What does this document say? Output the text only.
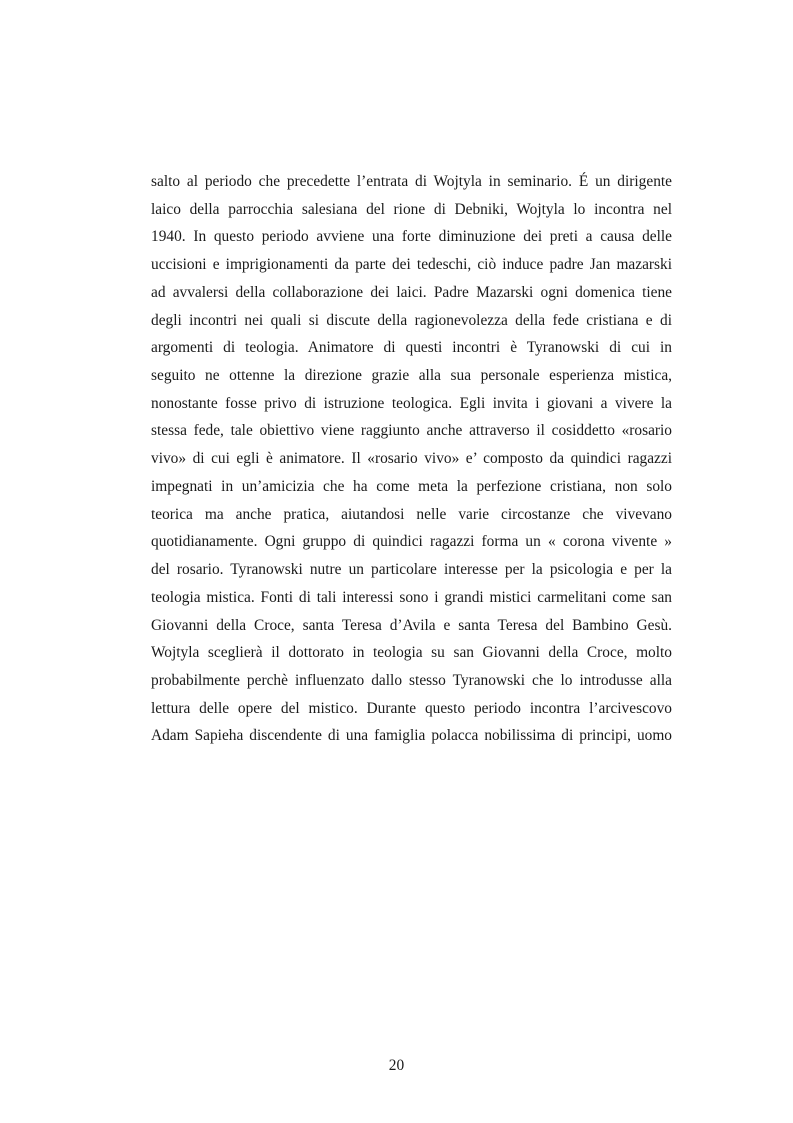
salto al periodo che precedette l’entrata di Wojtyla in seminario. É un dirigente
laico della parrocchia salesiana del rione di Debniki, Wojtyla lo incontra nel
1940. In questo periodo avviene una forte diminuzione dei preti a causa delle
uccisioni e imprigionamenti da parte dei tedeschi, ciò induce padre Jan mazarski
ad avvalersi della collaborazione dei laici. Padre Mazarski ogni domenica tiene
degli incontri nei quali si discute della ragionevolezza della fede cristiana e di
argomenti di teologia. Animatore di questi incontri è Tyranowski di cui in
seguito ne ottenne la direzione grazie alla sua personale esperienza mistica,
nonostante fosse privo di istruzione teologica. Egli invita i giovani a vivere la
stessa fede, tale obiettivo viene raggiunto anche attraverso il cosiddetto «rosario
vivo» di cui egli è animatore. Il «rosario vivo» e’ composto da quindici ragazzi
impegnati in un’amicizia che ha come meta la perfezione cristiana, non solo
teorica ma anche pratica, aiutandosi nelle varie circostanze che vivevano
quotidianamente. Ogni gruppo di quindici ragazzi forma un « corona vivente »
del rosario. Tyranowski nutre un particolare interesse per la psicologia e per la
teologia mistica. Fonti di tali interessi sono i grandi mistici carmelitani come san
Giovanni della Croce, santa Teresa d’Avila e santa Teresa del Bambino Gesù.
Wojtyla sceglierà il dottorato in teologia su san Giovanni della Croce, molto
probabilmente perchè influenzato dallo stesso Tyranowski che lo introdusse alla
lettura delle opere del mistico. Durante questo periodo incontra l’arcivescovo
Adam Sapieha discendente di una famiglia polacca nobilissima di principi, uomo
20
